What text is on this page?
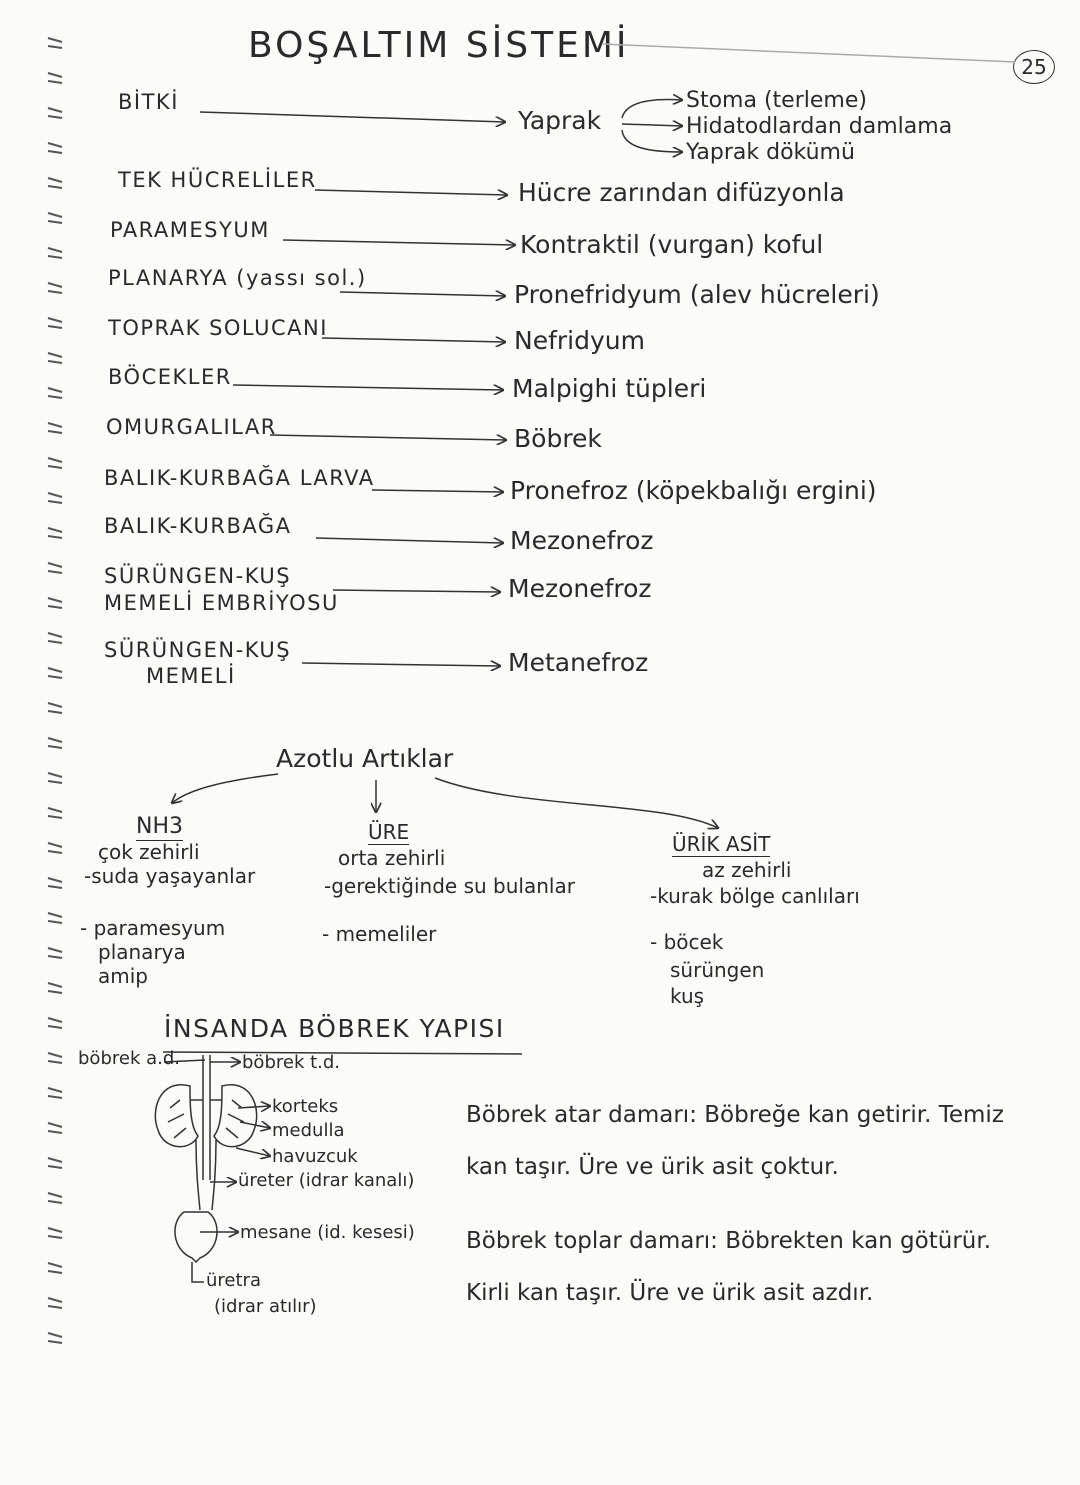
BOŞALTIM SİSTEMİ
25
BİTKİ
TEK HÜCRELİLER
PARAMESYUM
PLANARYA (yassı sol.)
TOPRAK SOLUCANI
BÖCEKLER
OMURGALILAR
BALIK-KURBAĞA LARVA
BALIK-KURBAĞA
SÜRÜNGEN-KUŞ
MEMELİ EMBRİYOSU
SÜRÜNGEN-KUŞ
MEMELİ
Yaprak
Hücre zarından difüzyonla
Kontraktil (vurgan) koful
Pronefridyum (alev hücreleri)
Nefridyum
Malpighi tüpleri
Böbrek
Pronefroz (köpekbalığı ergini)
Mezonefroz
Mezonefroz
Metanefroz
Stoma (terleme)
Hidatodlardan damlama
Yaprak dökümü
Azotlu Artıklar
NH3
çok zehirli
-suda yaşayanlar
- paramesyum
planarya
amip
ÜRE
orta zehirli
-gerektiğinde su bulanlar
- memeliler
ÜRİK ASİT
az zehirli
-kurak bölge canlıları
- böcek
sürüngen
kuş
İNSANDA BÖBREK YAPISI
böbrek a.d.	böbrek t.d.
korteks
medulla
havuzcuk
üreter (idrar kanalı)
mesane (id. kesesi)
üretra
(idrar atılır)
Böbrek atar damarı: Böbreğe kan getirir. Temiz
kan taşır. Üre ve ürik asit çoktur.
Böbrek toplar damarı: Böbrekten kan götürür.
Kirli kan taşır. Üre ve ürik asit azdır.
